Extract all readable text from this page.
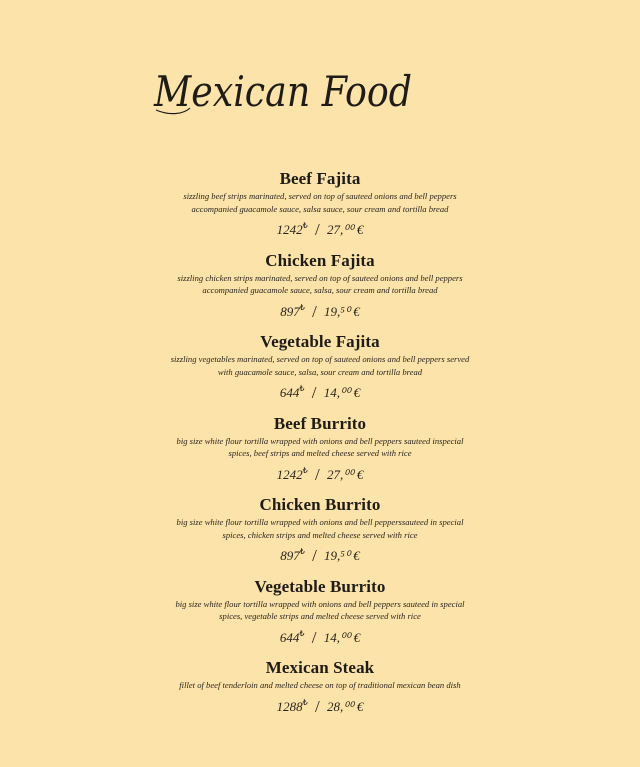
Mexican Food
Beef Fajita
sizzling beef strips marinated, served on top of sauteed onions and bell peppers
accompanied guacamole sauce, salsa sauce, sour cream and tortilla bread
1242₺ / 27,⁰⁰ €
Chicken Fajita
sizzling chicken strips marinated, served on top of sauteed onions and bell peppers
accompanied guacamole sauce, salsa, sour cream and tortilla bread
897₺ / 19,⁵⁰ €
Vegetable Fajita
sizzling vegetables marinated, served on top of sauteed onions and bell peppers served
with guacamole sauce, salsa, sour cream and tortilla bread
644₺ / 14,⁰⁰ €
Beef Burrito
big size white flour tortilla wrapped with onions and bell peppers sauteed inspecial
spices, beef strips and melted cheese served with rice
1242₺ / 27,⁰⁰ €
Chicken Burrito
big size white flour tortilla wrapped with onions and bell pepperssauteed in special
spices, chicken strips and melted cheese served with rice
897₺ / 19,⁵⁰ €
Vegetable Burrito
big size white flour tortilla wrapped with onions and bell peppers sauteed in special
spices, vegetable strips and melted cheese served with rice
644₺ / 14,⁰⁰ €
Mexican Steak
fillet of beef tenderloin and melted cheese on top of traditional mexican bean dish
1288₺ / 28,⁰⁰ €
